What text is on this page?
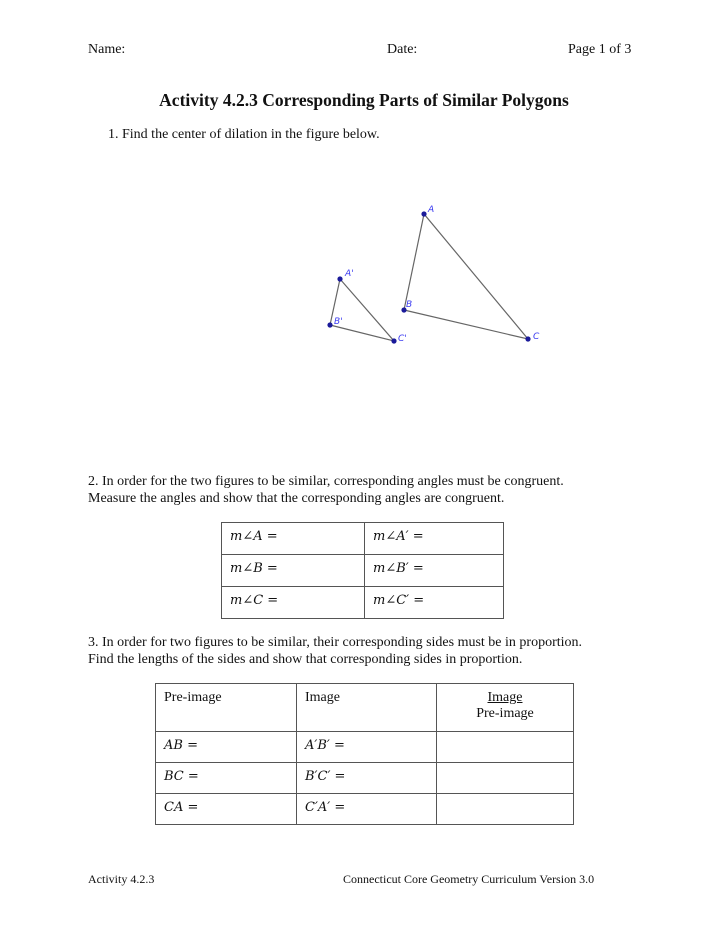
Name:	Date:	Page 1 of 3
Activity 4.2.3 Corresponding Parts of Similar Polygons
1. Find the center of dilation in the figure below.
A
B
C
A'
B'
C'
2. In order for the two figures to be similar, corresponding angles must be congruent.
Measure the angles and show that the corresponding angles are congruent.
m∠A =	m∠A′ =
m∠B =	m∠B′ =
m∠C =	m∠C′ =
3. In order for two figures to be similar, their corresponding sides must be in proportion.
Find the lengths of the sides and show that corresponding sides in proportion.
Pre-image	Image	Image
Pre-image

AB =	A′B′ =	
BC =	B′C′ =	
CA =	C′A′ =	
Activity 4.2.3	Connecticut Core Geometry Curriculum Version 3.0
